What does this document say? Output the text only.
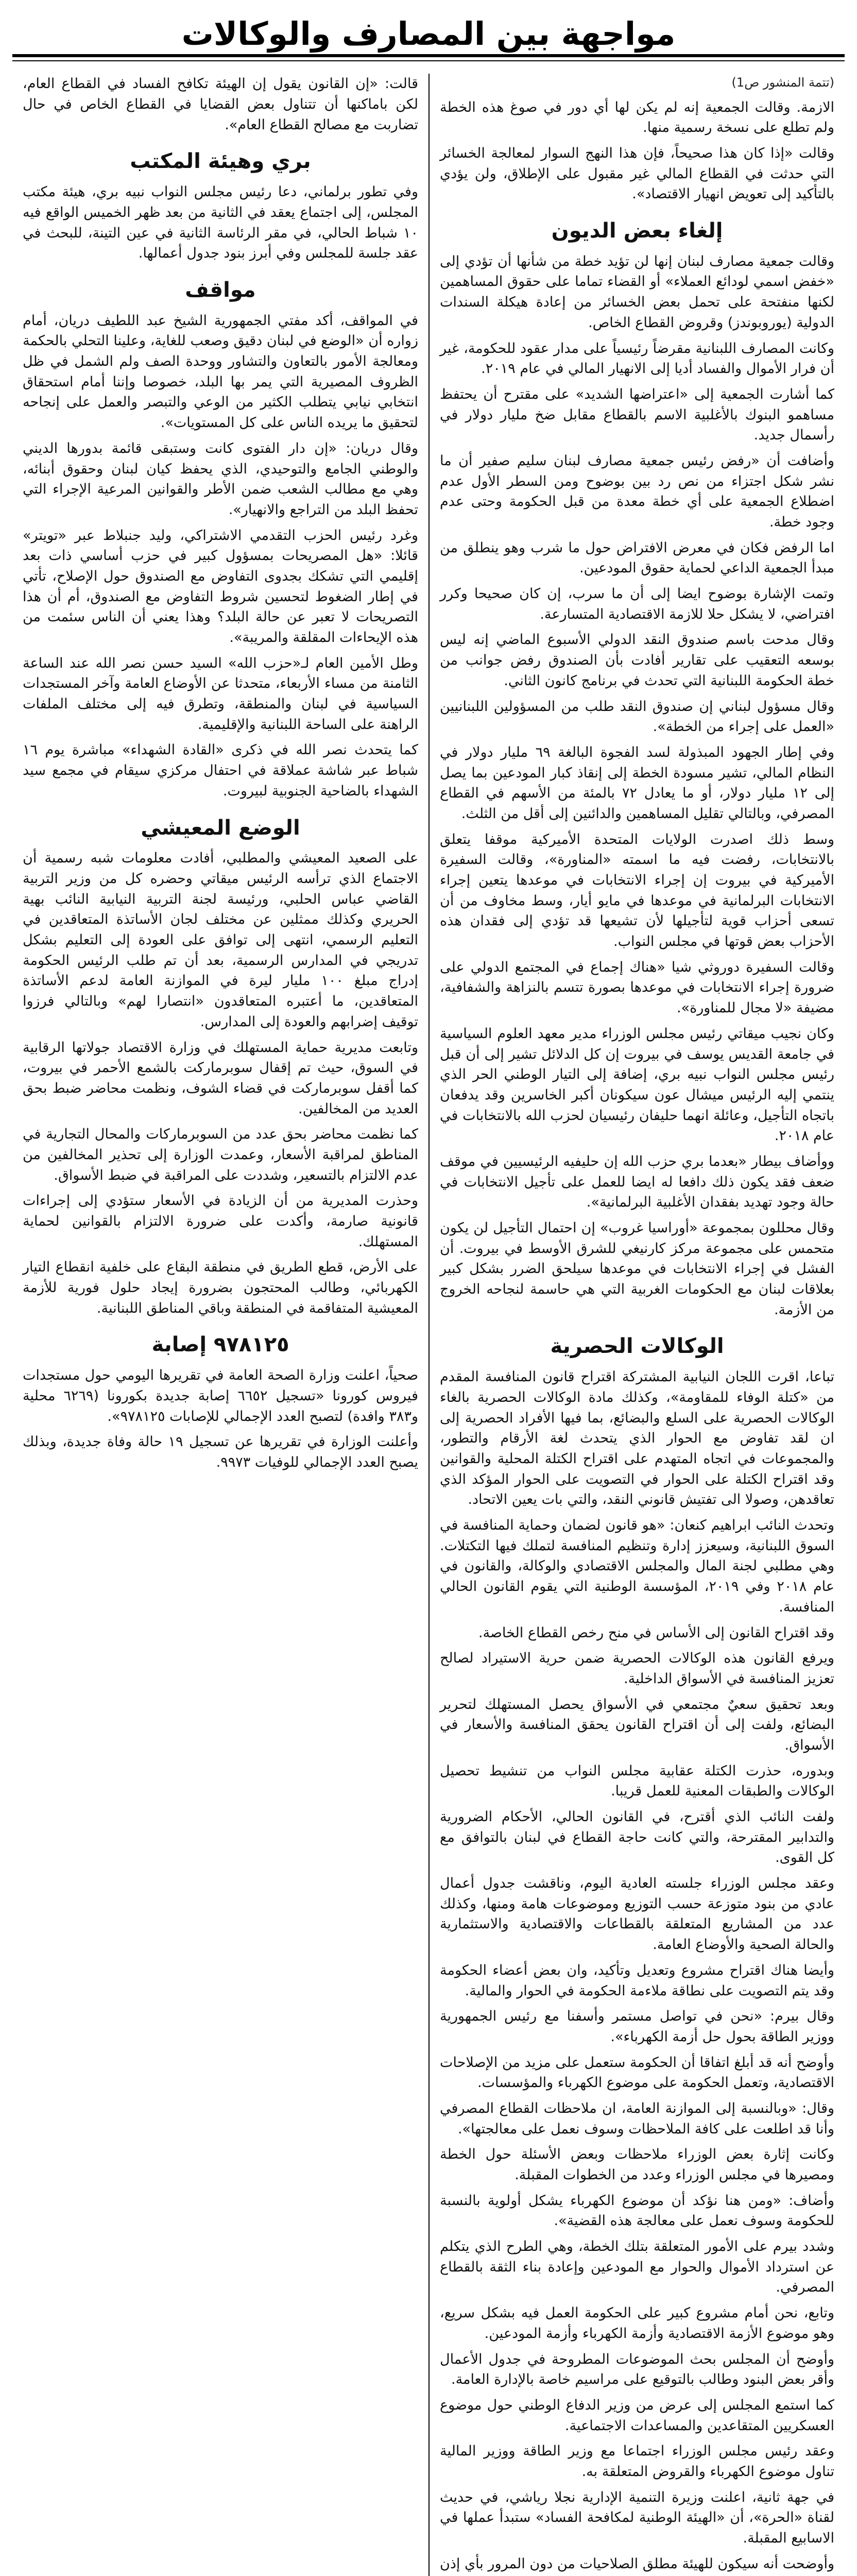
مواجهة بين المصارف والوكالات

(تتمة المنشور ص1)

الازمة. وقالت الجمعية إنه لم يكن لها أي دور في صوغ هذه الخطة ولم تطلع على نسخة رسمية منها.

وقالت «إذا كان هذا صحيحاً، فإن هذا النهج السوار لمعالجة الخسائر التي حدثت في القطاع المالي غير مقبول على الإطلاق، ولن يؤدي بالتأكيد إلى تعويض انهيار الاقتصاد».

إلغاء بعض الديون

وقالت جمعية مصارف لبنان إنها لن تؤيد خطة من شأنها أن تؤدي إلى «خفض اسمي لودائع العملاء» أو القضاء تماما على حقوق المساهمين لكنها منفتحة على تحمل بعض الخسائر من إعادة هيكلة السندات الدولية (يوروبوندز) وقروض القطاع الخاص.

وكانت المصارف اللبنانية مقرضاً رئيسياً على مدار عقود للحكومة، غير أن فرار الأموال والفساد أديا إلى الانهيار المالي في عام ٢٠١٩.

كما أشارت الجمعية إلى «اعتراضها الشديد» على مقترح أن يحتفظ مساهمو البنوك بالأغلبية الاسم بالقطاع مقابل ضخ مليار دولار في رأسمال جديد.

وأضافت أن «رفض رئيس جمعية مصارف لبنان سليم صفير أن ما نشر شكل اجتزاء من نص رد بين بوضوح ومن السطر الأول عدم اضطلاع الجمعية على أي خطة معدة من قبل الحكومة وحتى عدم وجود خطة.

اما الرفض فكان في معرض الافتراض حول ما شرب وهو ينطلق من مبدأ الجمعية الداعي لحماية حقوق المودعين.

وتمت الإشارة بوضوح ايضا إلى أن ما سرب، إن كان صحيحا وكرر افتراضي، لا يشكل حلا للازمة الاقتصادية المتسارعة.

وقال مدحت باسم صندوق النقد الدولي الأسبوع الماضي إنه ليس بوسعه التعقيب على تقارير أفادت بأن الصندوق رفض جوانب من خطة الحكومة اللبنانية التي تحدث في برنامج كانون الثاني.

وقال مسؤول لبناني إن صندوق النقد طلب من المسؤولين اللبنانيين «العمل على إجراء من الخطة».

وفي إطار الجهود المبذولة لسد الفجوة البالغة ٦٩ مليار دولار في النظام المالي، تشير مسودة الخطة إلى إنقاذ كبار المودعين بما يصل إلى ١٢ مليار دولار، أو ما يعادل ٧٢ بالمئة من الأسهم في القطاع المصرفي، وبالتالي تقليل المساهمين والدائنين إلى أقل من الثلث.

وسط ذلك اصدرت الولايات المتحدة الأميركية موقفا يتعلق بالانتخابات، رفضت فيه ما اسمته «المناورة»، وقالت السفيرة الأميركية في بيروت إن إجراء الانتخابات في موعدها يتعين إجراء الانتخابات البرلمانية في موعدها في مايو أيار، وسط مخاوف من أن تسعى أحزاب قوية لتأجيلها لأن تشيعها قد تؤدي إلى فقدان هذه الأحزاب بعض قوتها في مجلس النواب.

وقالت السفيرة دوروثي شيا «هناك إجماع في المجتمع الدولي على ضرورة إجراء الانتخابات في موعدها بصورة تتسم بالنزاهة والشفافية، مضيفة «لا مجال للمناورة».

وكان نجيب ميقاتي رئيس مجلس الوزراء مدير معهد العلوم السياسية في جامعة القديس يوسف في بيروت إن كل الدلائل تشير إلى أن قبل رئيس مجلس النواب نبيه بري، إضافة إلى التيار الوطني الحر الذي ينتمي إليه الرئيس ميشال عون سيكونان أكبر الخاسرين وقد يدفعان باتجاه التأجيل، وعائلة انهما حليفان رئيسيان لحزب الله بالانتخابات في عام ٢٠١٨.

ووأضاف بيطار «بعدما بري حزب الله إن حليفيه الرئيسيين في موقف ضعف فقد يكون ذلك دافعا له ايضا للعمل على تأجيل الانتخابات في حالة وجود تهديد بفقدان الأغلبية البرلمانية».

وقال محللون بمجموعة «أوراسيا غروب» إن احتمال التأجيل لن يكون متحمس على مجموعة مركز كارنيغي للشرق الأوسط في بيروت. أن الفشل في إجراء الانتخابات في موعدها سيلحق الضرر بشكل كبير بعلاقات لبنان مع الحكومات الغربية التي هي حاسمة لنجاحه الخروج من الأزمة.

الوكالات الحصرية

تباعا، اقرت اللجان النيابية المشتركة اقتراح قانون المنافسة المقدم من «كتلة الوفاء للمقاومة»، وكذلك مادة الوكالات الحصرية بالغاء الوكالات الحصرية على السلع والبضائع، بما فيها الأفراد الحصرية إلى ان لقد تفاوض مع الحوار الذي يتحدث لغة الأرقام والتطور، والمجموعات في اتجاه المتهدم على اقتراح الكتلة المحلية والقوانين وقد اقتراح الكتلة على الحوار في التصويت على الحوار المؤكد الذي تعاقدهن، وصولا الى تفتيش قانوني النقد، والتي بات يعين الاتحاد.

وتحدث النائب ابراهيم كنعان: «هو قانون لضمان وحماية المنافسة في السوق اللبنانية، وسيعزز إدارة وتنظيم المنافسة لتملك فيها التكتلات. وهي مطلبي لجنة المال والمجلس الاقتصادي والوكالة، والقانون في عام ٢٠١٨ وفي ٢٠١٩، المؤسسة الوطنية التي يقوم القانون الحالي المنافسة.

وقد اقتراح القانون إلى الأساس في منح رخص القطاع الخاصة.

ويرفع القانون هذه الوكالات الحصرية ضمن حرية الاستيراد لصالح تعزيز المنافسة في الأسواق الداخلية.

وبعد تحقيق سعيٌ مجتمعي في الأسواق يحصل المستهلك لتحرير البضائع، ولفت إلى أن اقتراح القانون يحقق المنافسة والأسعار في الأسواق.

وبدوره، حذرت الكتلة عقابية مجلس النواب من تنشيط تحصيل الوكالات والطبقات المعنية للعمل قريبا.

ولفت النائب الذي أقترح، في القانون الحالي، الأحكام الضرورية والتدابير المقترحة، والتي كانت حاجة القطاع في لبنان بالتوافق مع كل القوى.

وعقد مجلس الوزراء جلسته العادية اليوم، وناقشت جدول أعمال عادي من بنود متوزعة حسب التوزيع وموضوعات هامة ومنها، وكذلك عدد من المشاريع المتعلقة بالقطاعات والاقتصادية والاستثمارية والحالة الصحية والأوضاع العامة.

وأيضا هناك اقتراح مشروع وتعديل وتأكيد، وان بعض أعضاء الحكومة وقد يتم التصويت على نطاقة ملاءمة الحكومة في الحوار والمالية.

وقال بيرم: «نحن في تواصل مستمر وأسفنا مع رئيس الجمهورية ووزير الطاقة بحول حل أزمة الكهرباء».

وأوضح أنه قد أبلغ اتفاقا أن الحكومة ستعمل على مزيد من الإصلاحات الاقتصادية، وتعمل الحكومة على موضوع الكهرباء والمؤسسات.

وقال: «وبالنسبة إلى الموازنة العامة، ان ملاحظات القطاع المصرفي وأنا قد اطلعت على كافة الملاحظات وسوف نعمل على معالجتها».

وكانت إثارة بعض الوزراء ملاحظات وبعض الأسئلة حول الخطة ومصيرها في مجلس الوزراء وعدد من الخطوات المقبلة.

وأضاف: «ومن هنا نؤكد أن موضوع الكهرباء يشكل أولوية بالنسبة للحكومة وسوف نعمل على معالجة هذه القضية».

وشدد بيرم على الأمور المتعلقة بتلك الخطة، وهي الطرح الذي يتكلم عن استرداد الأموال والحوار مع المودعين وإعادة بناء الثقة بالقطاع المصرفي.

وتابع، نحن أمام مشروع كبير على الحكومة العمل فيه بشكل سريع، وهو موضوع الأزمة الاقتصادية وأزمة الكهرباء وأزمة المودعين.

وأوضح أن المجلس بحث الموضوعات المطروحة في جدول الأعمال وأقر بعض البنود وطالب بالتوقيع على مراسيم خاصة بالإدارة العامة.

كما استمع المجلس إلى عرض من وزير الدفاع الوطني حول موضوع العسكريين المتقاعدين والمساعدات الاجتماعية.

وعقد رئيس مجلس الوزراء اجتماعا مع وزير الطاقة ووزير المالية تناول موضوع الكهرباء والقروض المتعلقة به.

في جهة ثانية، اعلنت وزيرة التنمية الإدارية نجلا رياشي، في حديث لقناة «الحرة»، أن «الهيئة الوطنية لمكافحة الفساد» ستبدأ عملها في الاسابيع المقبلة.

وأوضحت أنه سيكون للهيئة مطلق الصلاحيات من دون المرور بأي إذن

قالت: «إن القانون يقول إن الهيئة تكافح الفساد في القطاع العام، لكن باماكنها أن تتناول بعض القضايا في القطاع الخاص في حال تضاربت مع مصالح القطاع العام».

بري وهيئة المكتب

وفي تطور برلماني، دعا رئيس مجلس النواب نبيه بري، هيئة مكتب المجلس، إلى اجتماع يعقد في الثانية من بعد ظهر الخميس الواقع فيه ١٠ شباط الحالي، في مقر الرئاسة الثانية في عين التينة، للبحث في عقد جلسة للمجلس وفي أبرز بنود جدول أعمالها.

مواقف

في المواقف، أكد مفتي الجمهورية الشيخ عبد اللطيف دريان، أمام زواره أن «الوضع في لبنان دقيق وصعب للغاية، وعلينا التحلي بالحكمة ومعالجة الأمور بالتعاون والتشاور ووحدة الصف ولم الشمل في ظل الظروف المصيرية التي يمر بها البلد، خصوصا وإننا أمام استحقاق انتخابي نيابي يتطلب الكثير من الوعي والتبصر والعمل على إنجاحه لتحقيق ما يريده الناس على كل المستويات».

وقال دريان: «إن دار الفتوى كانت وستبقى قائمة بدورها الديني والوطني الجامع والتوحيدي، الذي يحفظ كيان لبنان وحقوق أبنائه، وهي مع مطالب الشعب ضمن الأطر والقوانين المرعية الإجراء التي تحفظ البلد من التراجع والانهيار».

وغرد رئيس الحزب التقدمي الاشتراكي، وليد جنبلاط عبر «تويتر» قائلا: «هل المصريحات بمسؤول كبير في حزب أساسي ذات بعد إقليمي التي تشكك بجدوى التفاوض مع الصندوق حول الإصلاح، تأتي في إطار الضغوط لتحسين شروط التفاوض مع الصندوق، أم أن هذا التصريحات لا تعبر عن حالة البلد؟ وهذا يعني أن الناس سئمت من هذه الإيحاءات المقلقة والمريبة».

وطل الأمين العام لـ«حزب الله» السيد حسن نصر الله عند الساعة الثامنة من مساء الأربعاء، متحدثا عن الأوضاع العامة وآخر المستجدات السياسية في لبنان والمنطقة، وتطرق فيه إلى مختلف الملفات الراهنة على الساحة اللبنانية والإقليمية.

كما يتحدث نصر الله في ذكرى «القادة الشهداء» مباشرة يوم ١٦ شباط عبر شاشة عملاقة في احتفال مركزي سيقام في مجمع سيد الشهداء بالضاحية الجنوبية لبيروت.

الوضع المعيشي

على الصعيد المعيشي والمطلبي، أفادت معلومات شبه رسمية أن الاجتماع الذي ترأسه الرئيس ميقاتي وحضره كل من وزير التربية القاضي عباس الحلبي، ورئيسة لجنة التربية النيابية النائب بهية الحريري وكذلك ممثلين عن مختلف لجان الأساتذة المتعاقدين في التعليم الرسمي، انتهى إلى توافق على العودة إلى التعليم بشكل تدريجي في المدارس الرسمية، بعد أن تم طلب الرئيس الحكومة إدراج مبلغ ١٠٠ مليار ليرة في الموازنة العامة لدعم الأساتذة المتعاقدين، ما أعتبره المتعاقدون «انتصارا لهم» وبالتالي فرزوا توقيف إضرابهم والعودة إلى المدارس.

وتابعت مديرية حماية المستهلك في وزارة الاقتصاد جولاتها الرقابية في السوق، حيث تم إقفال سوبرماركت بالشمع الأحمر في بيروت، كما أقفل سوبرماركت في قضاء الشوف، ونظمت محاضر ضبط بحق العديد من المخالفين.

كما نظمت محاضر بحق عدد من السوبرماركات والمحال التجارية في المناطق لمراقبة الأسعار، وعمدت الوزارة إلى تحذير المخالفين من عدم الالتزام بالتسعير، وشددت على المراقبة في ضبط الأسواق.

وحذرت المديرية من أن الزيادة في الأسعار ستؤدي إلى إجراءات قانونية صارمة، وأكدت على ضرورة الالتزام بالقوانين لحماية المستهلك.

على الأرض، قطع الطريق في منطقة البقاع على خلفية انقطاع التيار الكهربائي، وطالب المحتجون بضرورة إيجاد حلول فورية للأزمة المعيشية المتفاقمة في المنطقة وباقي المناطق اللبنانية.

٩٧٨١٢٥ إصابة

صحياً، اعلنت وزارة الصحة العامة في تقريرها اليومي حول مستجدات فيروس كورونا «تسجيل ٦٦٥٢ إصابة جديدة بكورونا (٦٢٦٩ محلية و٣٨٣ وافدة) لتصبح العدد الإجمالي للإصابات ٩٧٨١٢٥».

وأعلنت الوزارة في تقريرها عن تسجيل ١٩ حالة وفاة جديدة، وبذلك يصبح العدد الإجمالي للوفيات ٩٩٧٣.
